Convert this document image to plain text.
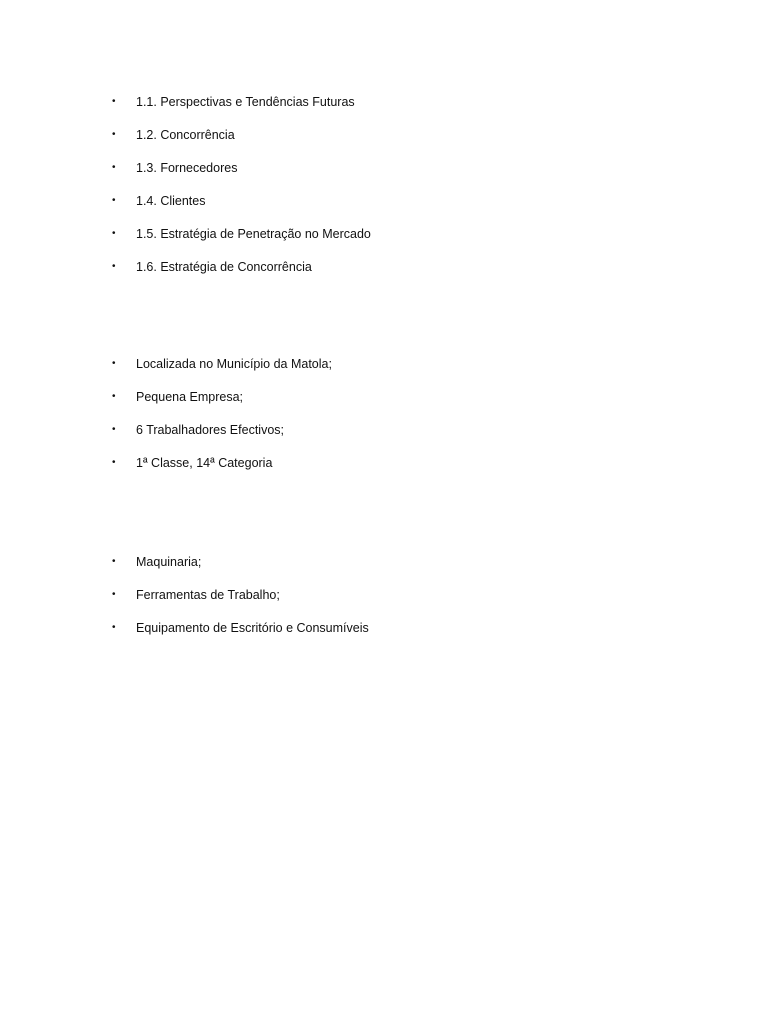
• 1.1. Perspectivas e Tendências Futuras
• 1.2. Concorrência
• 1.3. Fornecedores
• 1.4. Clientes
• 1.5. Estratégia de Penetração no Mercado
• 1.6. Estratégia de Concorrência
• Localizada no Município da Matola;
• Pequena Empresa;
• 6 Trabalhadores Efectivos;
• 1ª Classe, 14ª Categoria
• Maquinaria;
• Ferramentas de Trabalho;
• Equipamento de Escritório e Consumíveis
